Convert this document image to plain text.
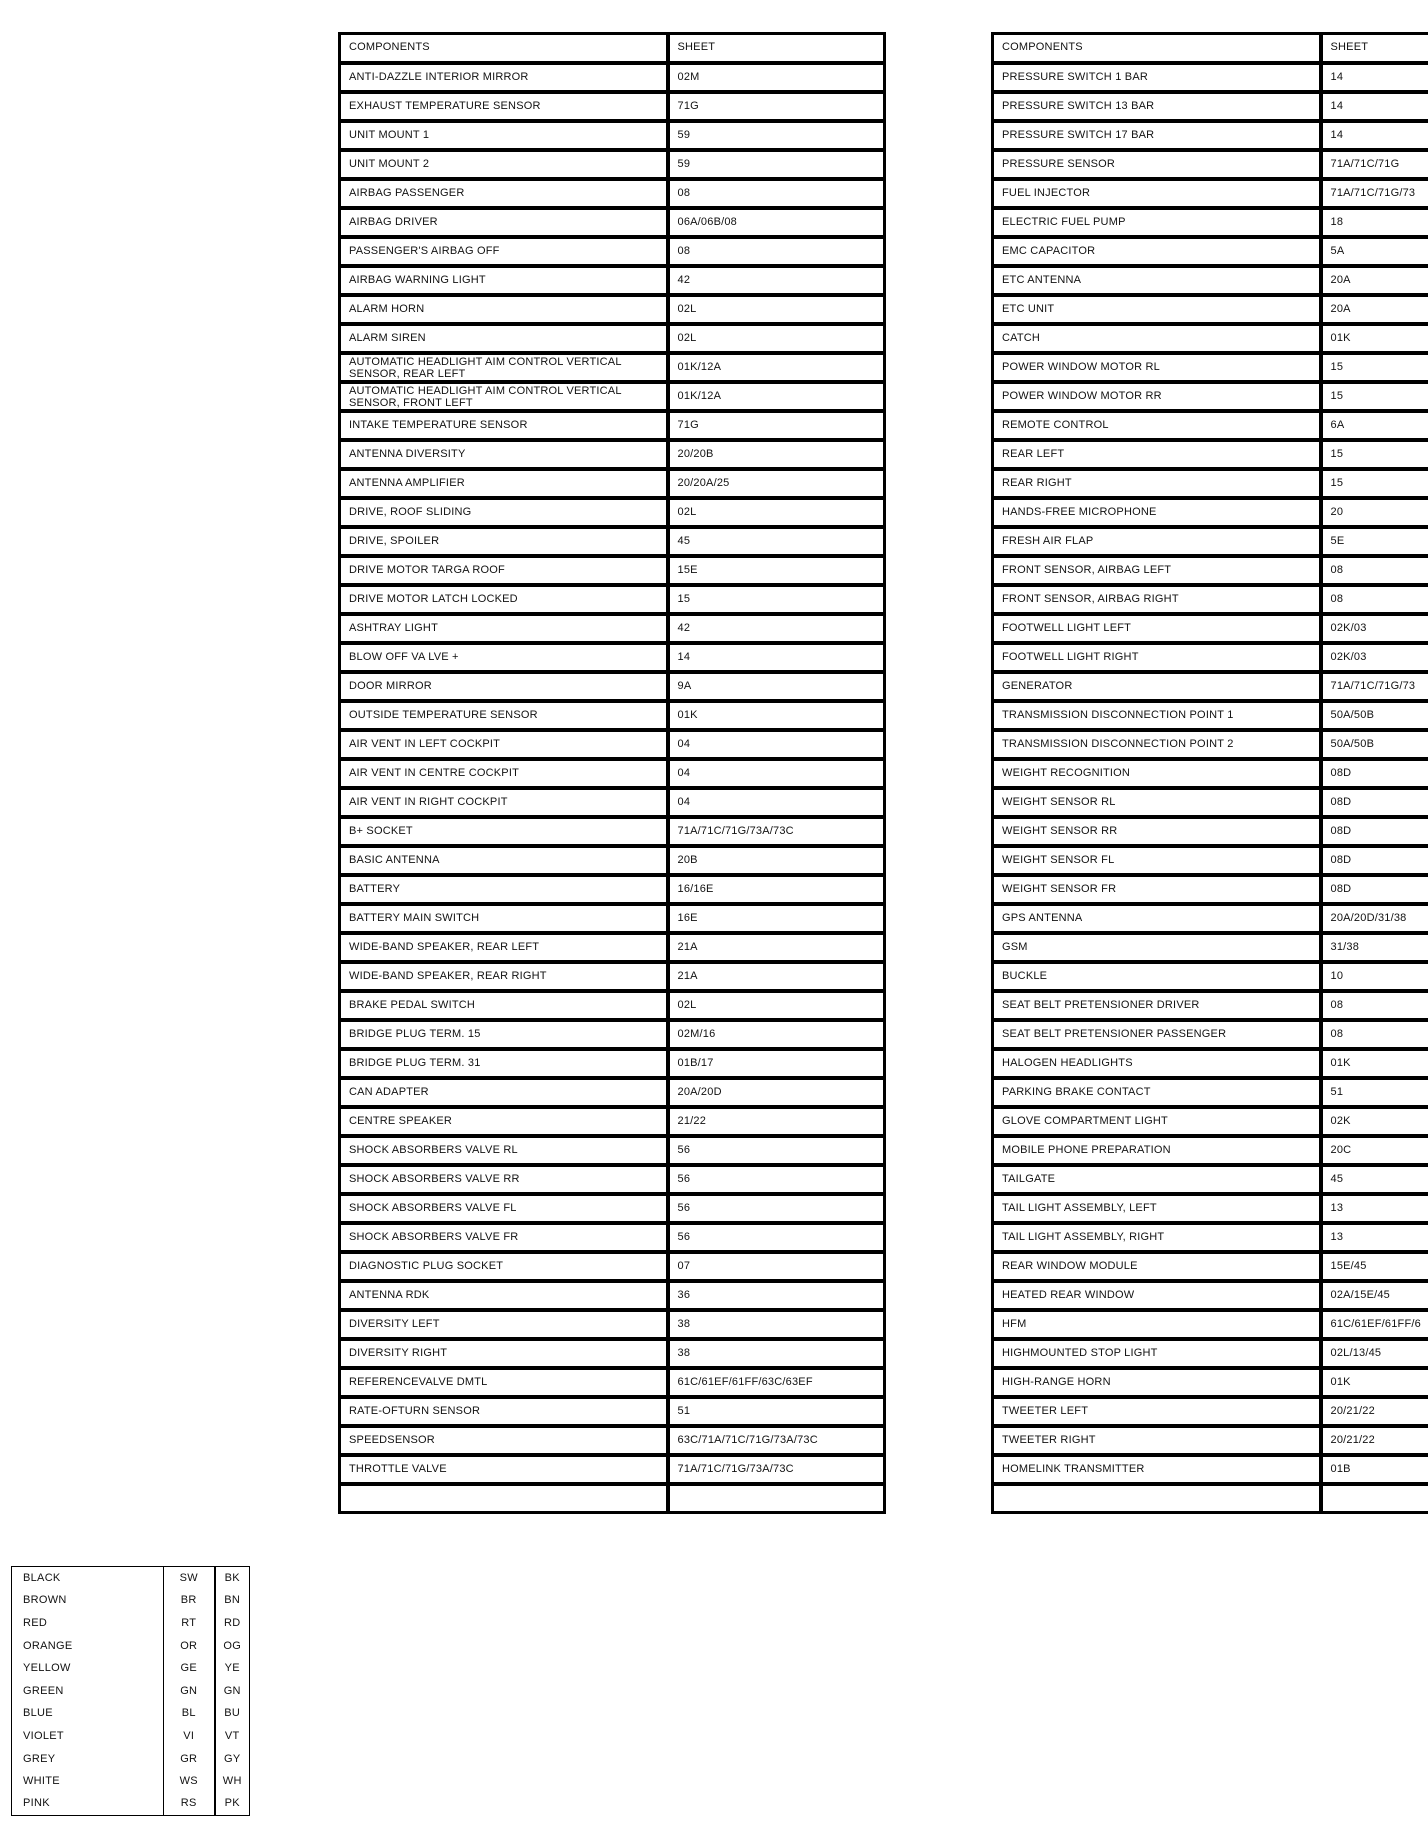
COMPONENTS	SHEET
ANTI-DAZZLE INTERIOR MIRROR	02M
EXHAUST TEMPERATURE SENSOR	71G
UNIT MOUNT 1	59
UNIT MOUNT 2	59
AIRBAG PASSENGER	08
AIRBAG DRIVER	06A/06B/08
PASSENGER'S AIRBAG OFF	08
AIRBAG WARNING LIGHT	42
ALARM HORN	02L
ALARM SIREN	02L
AUTOMATIC HEADLIGHT AIM CONTROL VERTICAL SENSOR, REAR LEFT	01K/12A
AUTOMATIC HEADLIGHT AIM CONTROL VERTICAL SENSOR, FRONT LEFT	01K/12A
INTAKE TEMPERATURE SENSOR	71G
ANTENNA DIVERSITY	20/20B
ANTENNA AMPLIFIER	20/20A/25
DRIVE, ROOF SLIDING	02L
DRIVE, SPOILER	45
DRIVE MOTOR TARGA ROOF	15E
DRIVE MOTOR LATCH LOCKED	15
ASHTRAY LIGHT	42
BLOW OFF VA LVE +	14
DOOR MIRROR	9A
OUTSIDE TEMPERATURE SENSOR	01K
AIR VENT IN LEFT COCKPIT	04
AIR VENT IN CENTRE COCKPIT	04
AIR VENT IN RIGHT COCKPIT	04
B+ SOCKET	71A/71C/71G/73A/73C
BASIC ANTENNA	20B
BATTERY	16/16E
BATTERY MAIN SWITCH	16E
WIDE-BAND SPEAKER, REAR LEFT	21A
WIDE-BAND SPEAKER, REAR RIGHT	21A
BRAKE PEDAL SWITCH	02L
BRIDGE PLUG TERM. 15	02M/16
BRIDGE PLUG TERM. 31	01B/17
CAN ADAPTER	20A/20D
CENTRE SPEAKER	21/22
SHOCK ABSORBERS VALVE RL	56
SHOCK ABSORBERS VALVE RR	56
SHOCK ABSORBERS VALVE FL	56
SHOCK ABSORBERS VALVE FR	56
DIAGNOSTIC PLUG SOCKET	07
ANTENNA RDK	36
DIVERSITY LEFT	38
DIVERSITY RIGHT	38
REFERENCEVALVE DMTL	61C/61EF/61FF/63C/63EF
RATE-OFTURN SENSOR	51
SPEEDSENSOR	63C/71A/71C/71G/73A/73C
THROTTLE VALVE	71A/71C/71G/73A/73C

COMPONENTS	SHEET
PRESSURE SWITCH 1 BAR	14
PRESSURE SWITCH 13 BAR	14
PRESSURE SWITCH 17 BAR	14
PRESSURE SENSOR	71A/71C/71G
FUEL INJECTOR	71A/71C/71G/73
ELECTRIC FUEL PUMP	18
EMC CAPACITOR	5A
ETC ANTENNA	20A
ETC UNIT	20A
CATCH	01K
POWER WINDOW MOTOR RL	15
POWER WINDOW MOTOR RR	15
REMOTE CONTROL	6A
REAR LEFT	15
REAR RIGHT	15
HANDS-FREE MICROPHONE	20
FRESH AIR FLAP	5E
FRONT SENSOR, AIRBAG LEFT	08
FRONT SENSOR, AIRBAG RIGHT	08
FOOTWELL LIGHT LEFT	02K/03
FOOTWELL LIGHT RIGHT	02K/03
GENERATOR	71A/71C/71G/73
TRANSMISSION DISCONNECTION POINT 1	50A/50B
TRANSMISSION DISCONNECTION POINT 2	50A/50B
WEIGHT RECOGNITION	08D
WEIGHT SENSOR RL	08D
WEIGHT SENSOR RR	08D
WEIGHT SENSOR FL	08D
WEIGHT SENSOR FR	08D
GPS ANTENNA	20A/20D/31/38
GSM	31/38
BUCKLE	10
SEAT BELT PRETENSIONER DRIVER	08
SEAT BELT PRETENSIONER PASSENGER	08
HALOGEN HEADLIGHTS	01K
PARKING BRAKE CONTACT	51
GLOVE COMPARTMENT LIGHT	02K
MOBILE PHONE PREPARATION	20C
TAILGATE	45
TAIL LIGHT ASSEMBLY, LEFT	13
TAIL LIGHT ASSEMBLY, RIGHT	13
REAR WINDOW MODULE	15E/45
HEATED REAR WINDOW	02A/15E/45
HFM	61C/61EF/61FF/6
HIGHMOUNTED STOP LIGHT	02L/13/45
HIGH-RANGE HORN	01K
TWEETER LEFT	20/21/22
TWEETER RIGHT	20/21/22
HOMELINK TRANSMITTER	01B

BLACK	SW	BK
BROWN	BR	BN
RED	RT	RD
ORANGE	OR	OG
YELLOW	GE	YE
GREEN	GN	GN
BLUE	BL	BU
VIOLET	VI	VT
GREY	GR	GY
WHITE	WS	WH
PINK	RS	PK
